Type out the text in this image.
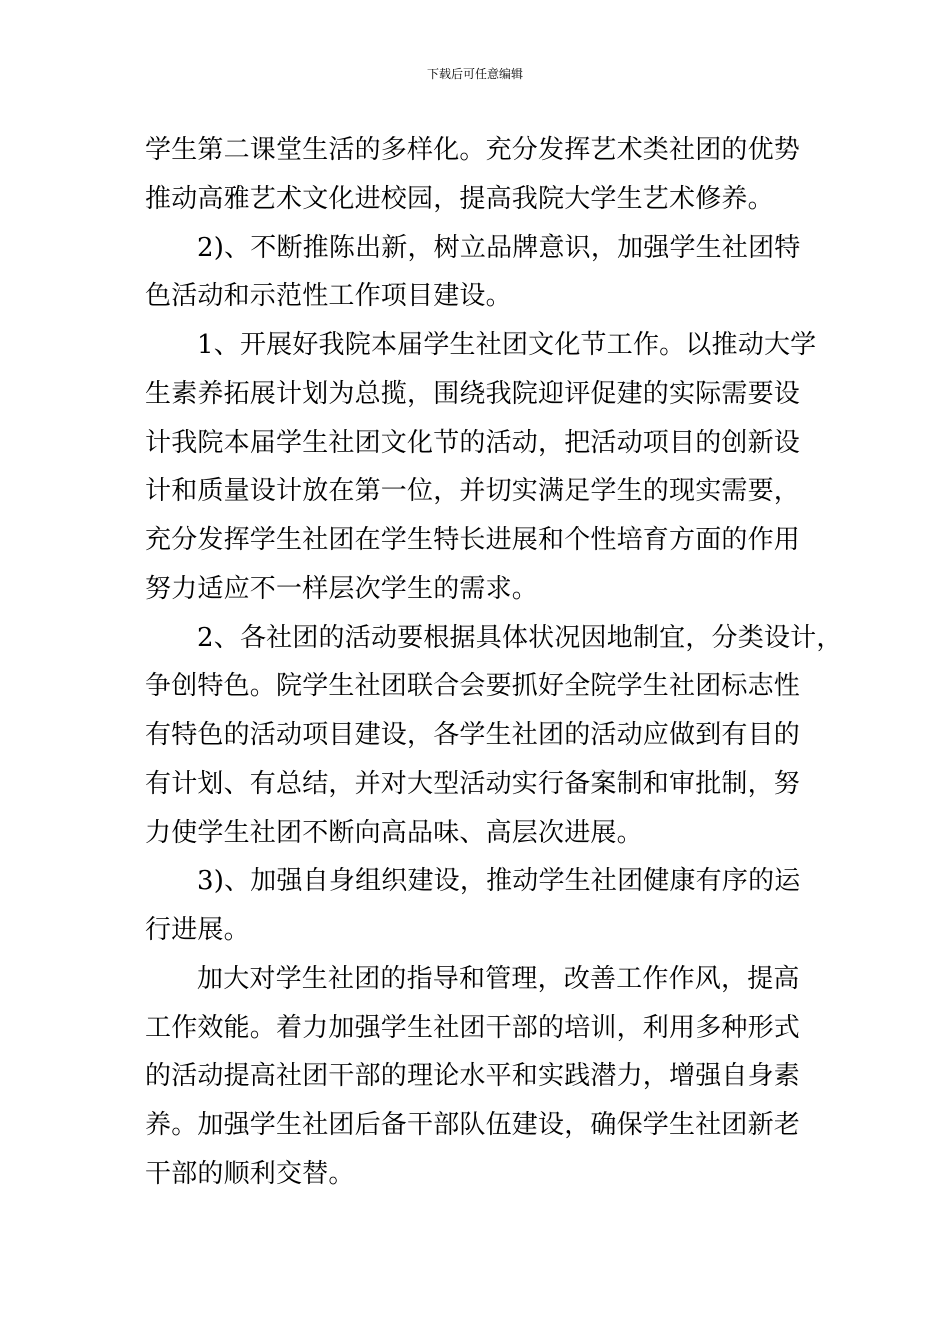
下载后可任意编辑
学生第二课堂生活的多样化。充分发挥艺术类社团的优势
推动高雅艺术文化进校园，提高我院大学生艺术修养。
2)、不断推陈出新，树立品牌意识，加强学生社团特
色活动和示范性工作项目建设。
1、开展好我院本届学生社团文化节工作。以推动大学
生素养拓展计划为总揽，围绕我院迎评促建的实际需要设
计我院本届学生社团文化节的活动，把活动项目的创新设
计和质量设计放在第一位，并切实满足学生的现实需要，
充分发挥学生社团在学生特长进展和个性培育方面的作用
努力适应不一样层次学生的需求。
2、各社团的活动要根据具体状况因地制宜，分类设计，
争创特色。院学生社团联合会要抓好全院学生社团标志性
有特色的活动项目建设，各学生社团的活动应做到有目的
有计划、有总结，并对大型活动实行备案制和审批制，努
力使学生社团不断向高品味、高层次进展。
3)、加强自身组织建设，推动学生社团健康有序的运
行进展。
加大对学生社团的指导和管理，改善工作作风，提高
工作效能。着力加强学生社团干部的培训，利用多种形式
的活动提高社团干部的理论水平和实践潜力，增强自身素
养。加强学生社团后备干部队伍建设，确保学生社团新老
干部的顺利交替。
